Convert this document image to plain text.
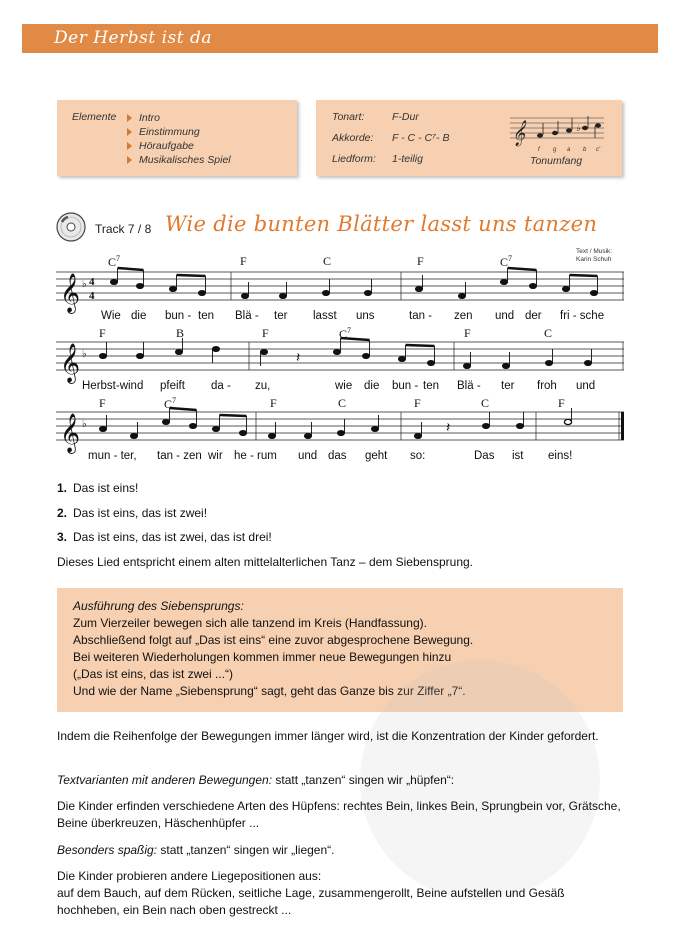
Der Herbst ist da
Elemente Intro
Einstimmung
Höraufgabe
Musikalisches Spiel
Tonart:	F-Dur
Akkorde: F - C - C⁷- B
Liedform: 1-teilig
𝄞	♭
f g a b c'
Tonumfang
Track 7 / 8 Wie die bunten Blätter lasst uns tanzen
Text / Musik:
Karin Schuh
𝄞 ♭ 4
4
$C^7$	F	C	F	$C^7$
Wie die bun - ten Blä - ter lasst uns	tan - zen und der fri - sche
𝄞 ♭	𝄽
F	B	F	$C^7$	F	C
Herbst-wind pfeift da - zu,	wie die bun - ten Blä - ter froh und
𝄞 ♭	𝄽
F	$C^7$	F	C	F	C	F
mun - ter, tan - zen wir he - rum und das geht so:	Das ist eins!
1. Das ist eins!
2. Das ist eins, das ist zwei!
3. Das ist eins, das ist zwei, das ist drei!
Dieses Lied entspricht einem alten mittelalterlichen Tanz – dem Siebensprung.
Ausführung des Siebensprungs:
Zum Vierzeiler bewegen sich alle tanzend im Kreis (Handfassung).
Abschließend folgt auf „Das ist eins“ eine zuvor abgesprochene Bewegung.
Bei weiteren Wiederholungen kommen immer neue Bewegungen hinzu
(„Das ist eins, das ist zwei ...“)
Und wie der Name „Siebensprung“ sagt, geht das Ganze bis zur Ziffer „7“.
Indem die Reihenfolge der Bewegungen immer länger wird, ist die Konzentration der Kinder gefordert.
Textvarianten mit anderen Bewegungen: statt „tanzen“ singen wir „hüpfen“:
Die Kinder erfinden verschiedene Arten des Hüpfens: rechtes Bein, linkes Bein, Sprungbein vor, Grätsche, Beine überkreuzen, Häschenhüpfer ...
Besonders spaßig: statt „tanzen“ singen wir „liegen“.
Die Kinder probieren andere Liegepositionen aus:
auf dem Bauch, auf dem Rücken, seitliche Lage, zusammengerollt, Beine aufstellen und Gesäß hochheben, ein Bein nach oben gestreckt ...
